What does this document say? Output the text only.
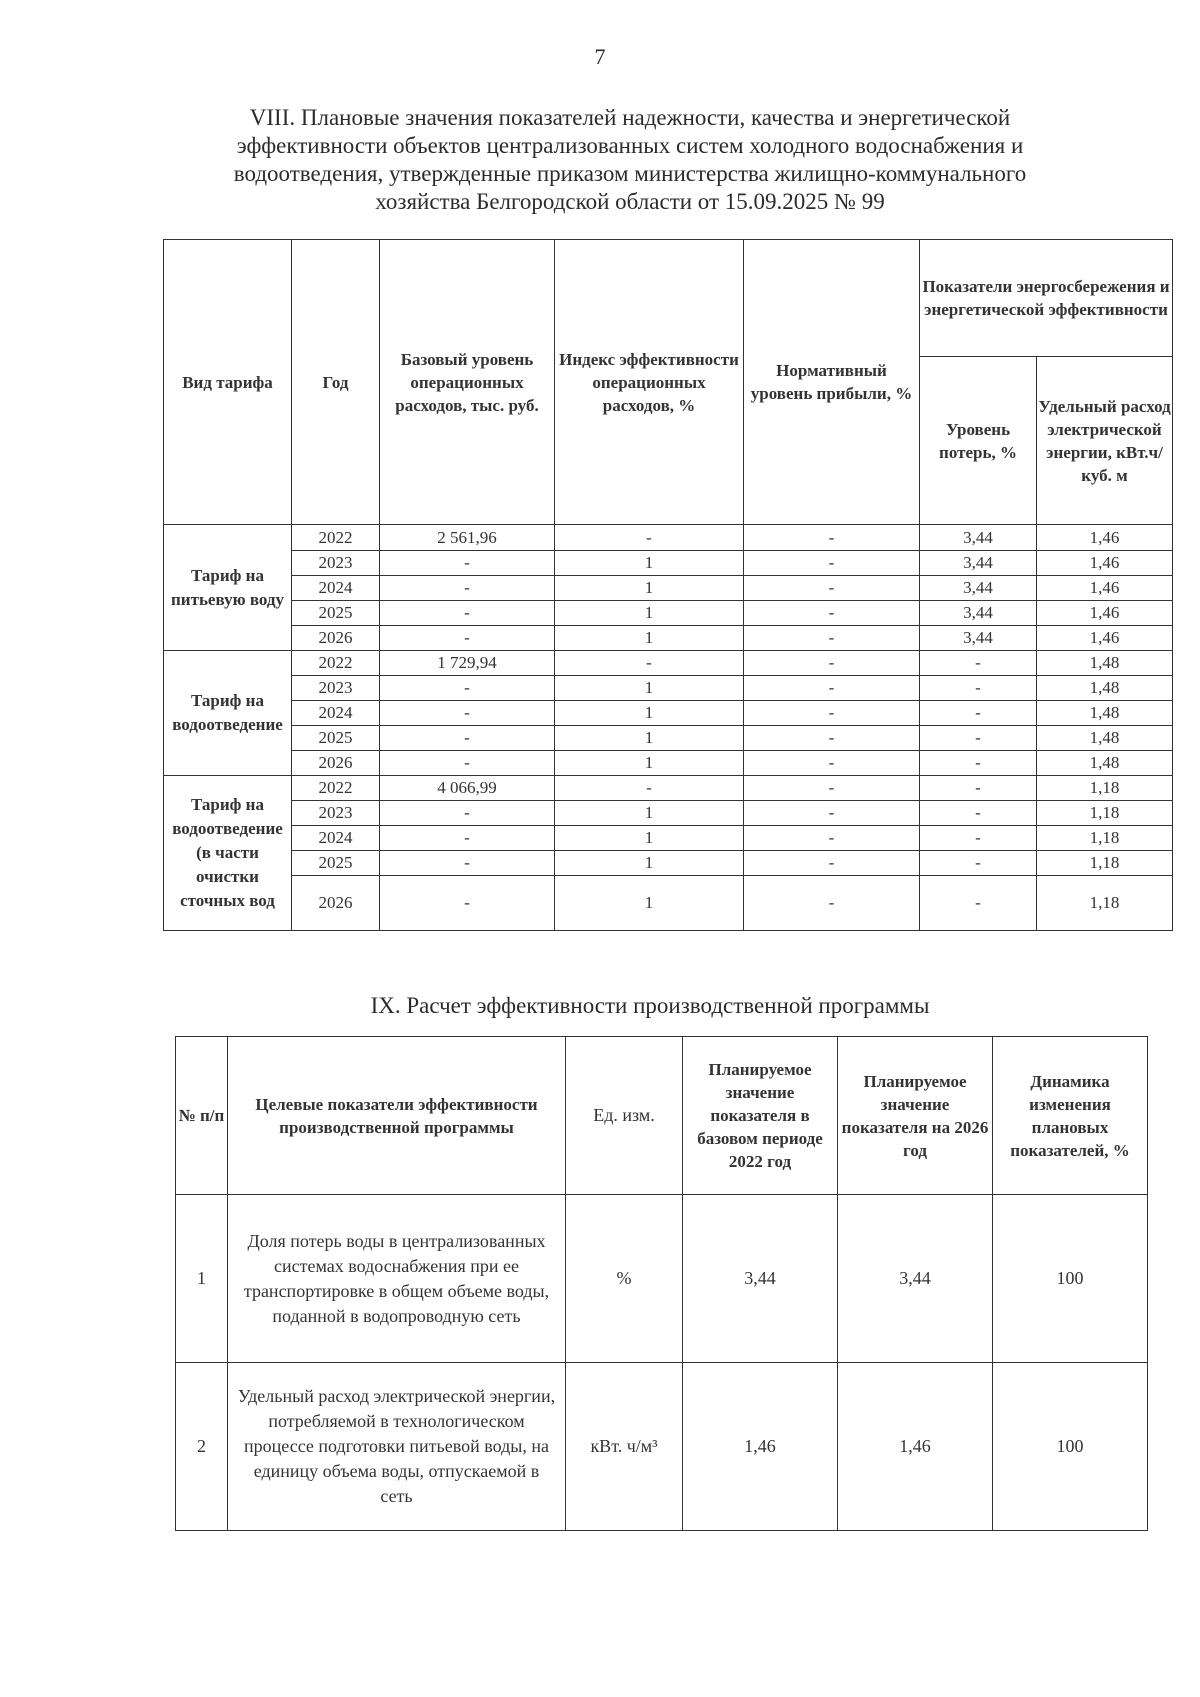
7
VIII. Плановые значения показателей надежности, качества и энергетической эффективности объектов централизованных систем холодного водоснабжения и водоотведения, утвержденные приказом министерства жилищно-коммунального хозяйства Белгородской области от 15.09.2025 № 99
Вид тарифа	Год	Базовый уровень операционных расходов, тыс. руб.	Индекс эффективности операционных расходов, %	Нормативный уровень прибыли, %	Показатели энергосбережения и энергетической эффективности	
					Уровень потерь, %	Удельный расход электрической энергии, кВт.ч/ куб. м
Тариф на питьевую воду	2022	2 561,96	-	-	3,44	1,46
	2023	-	1	-	3,44	1,46
	2024	-	1	-	3,44	1,46
	2025	-	1	-	3,44	1,46
	2026	-	1	-	3,44	1,46
Тариф на водоотведение	2022	1 729,94	-	-	-	1,48
	2023	-	1	-	-	1,48
	2024	-	1	-	-	1,48
	2025	-	1	-	-	1,48
	2026	-	1	-	-	1,48
Тариф на водоотведение (в части очистки сточных вод	2022	4 066,99	-	-	-	1,18
	2023	-	1	-	-	1,18
	2024	-	1	-	-	1,18
	2025	-	1	-	-	1,18
	2026	-	1	-	-	1,18
IX. Расчет эффективности производственной программы
№ п/п	Целевые показатели эффективности производственной программы	Ед. изм.	Планируемое значение показателя в базовом периоде 2022 год	Планируемое значение показателя на 2026 год	Динамика изменения плановых показателей, %
1	Доля потерь воды в централизованных системах водоснабжения при ее транспортировке в общем объеме воды, поданной в водопроводную сеть	%	3,44	3,44	100
2	Удельный расход электрической энергии, потребляемой в технологическом процессе подготовки питьевой воды, на единицу объема воды, отпускаемой в сеть	кВт. ч/м³	1,46	1,46	100
